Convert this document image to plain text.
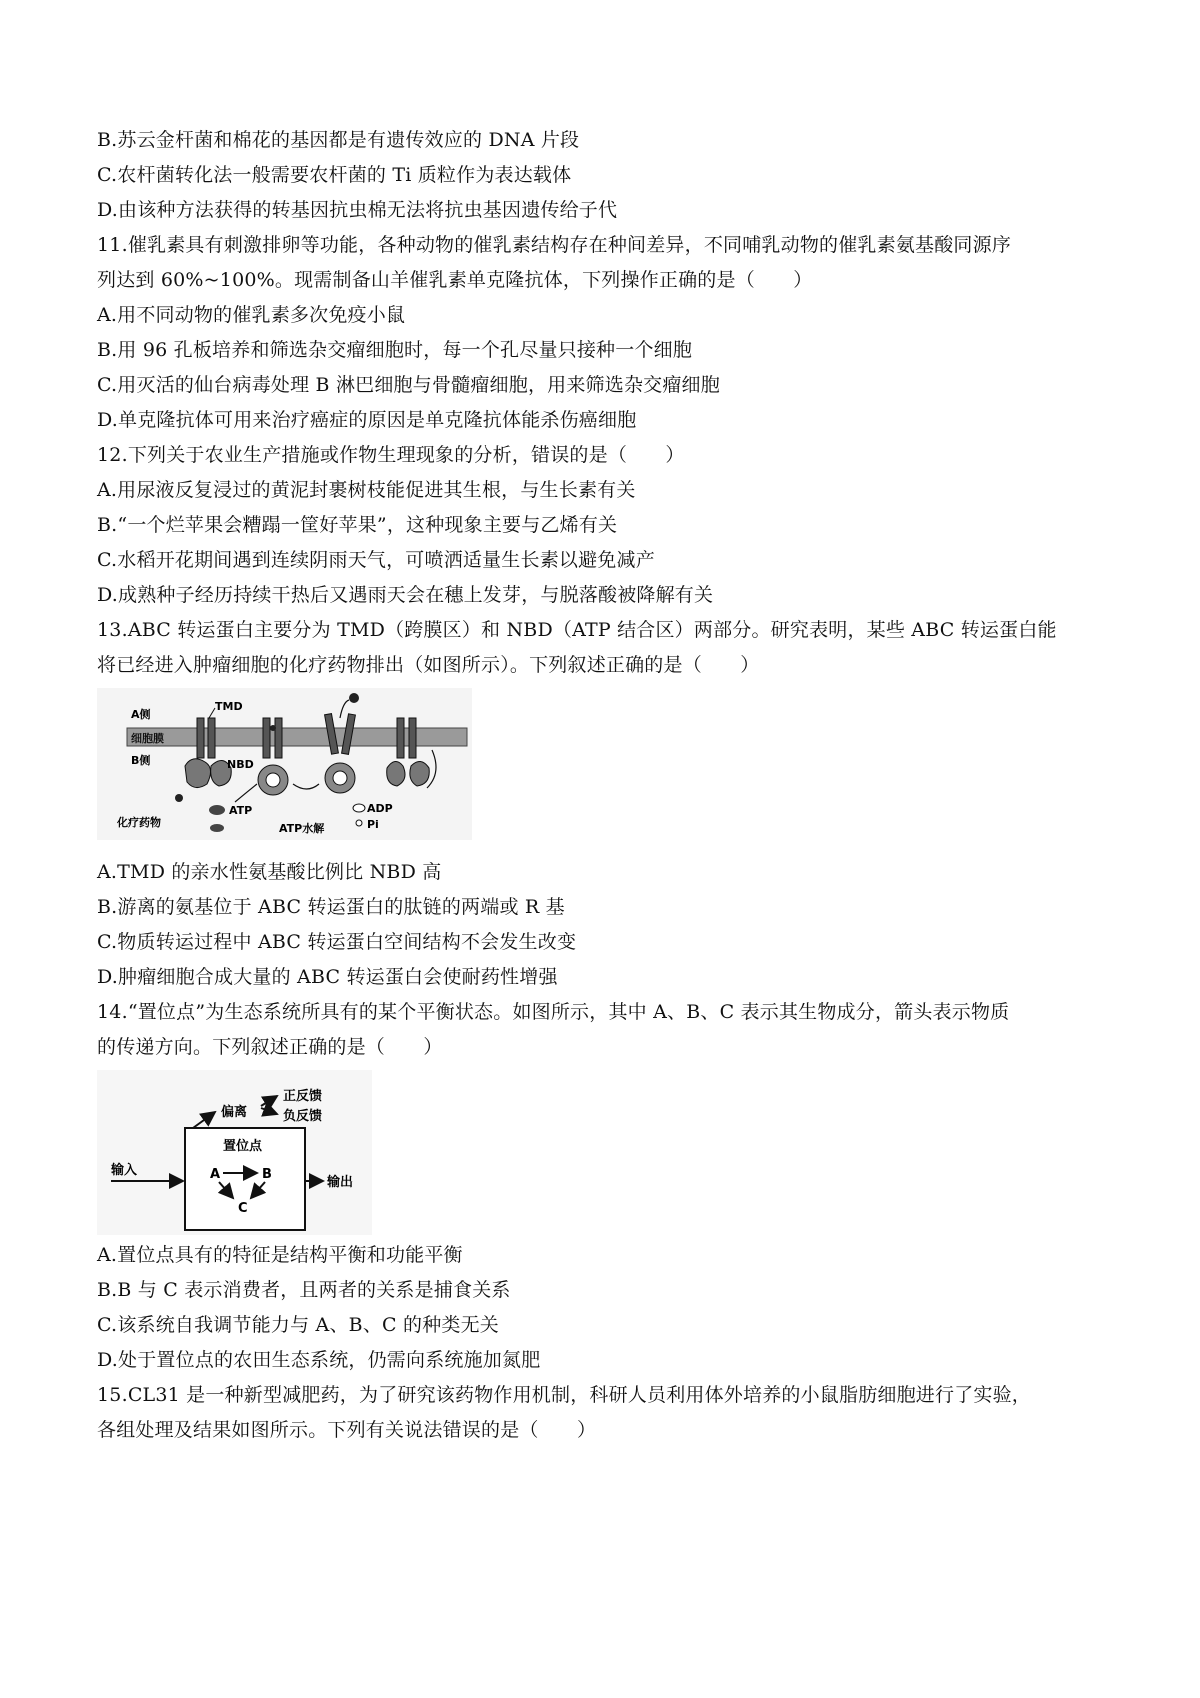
B.苏云金杆菌和棉花的基因都是有遗传效应的 DNA 片段
C.农杆菌转化法一般需要农杆菌的 Ti 质粒作为表达载体
D.由该种方法获得的转基因抗虫棉无法将抗虫基因遗传给子代
11.催乳素具有刺激排卵等功能，各种动物的催乳素结构存在种间差异，不同哺乳动物的催乳素氨基酸同源序
列达到 60%~100%。现需制备山羊催乳素单克隆抗体，下列操作正确的是（　　）
A.用不同动物的催乳素多次免疫小鼠
B.用 96 孔板培养和筛选杂交瘤细胞时，每一个孔尽量只接种一个细胞
C.用灭活的仙台病毒处理 B 淋巴细胞与骨髓瘤细胞，用来筛选杂交瘤细胞
D.单克隆抗体可用来治疗癌症的原因是单克隆抗体能杀伤癌细胞
12.下列关于农业生产措施或作物生理现象的分析，错误的是（　　）
A.用尿液反复浸过的黄泥封裹树枝能促进其生根，与生长素有关
B.“一个烂苹果会糟蹋一筐好苹果”，这种现象主要与乙烯有关
C.水稻开花期间遇到连续阴雨天气，可喷洒适量生长素以避免减产
D.成熟种子经历持续干热后又遇雨天会在穗上发芽，与脱落酸被降解有关
13.ABC 转运蛋白主要分为 TMD（跨膜区）和 NBD（ATP 结合区）两部分。研究表明，某些 ABC 转运蛋白能
将已经进入肿瘤细胞的化疗药物排出（如图所示）。下列叙述正确的是（　　）
A侧
细胞膜
B侧
TMD
NBD
化疗药物
ATP
ATP水解
ADP
Pi
A.TMD 的亲水性氨基酸比例比 NBD 高
B.游离的氨基位于 ABC 转运蛋白的肽链的两端或 R 基
C.物质转运过程中 ABC 转运蛋白空间结构不会发生改变
D.肿瘤细胞合成大量的 ABC 转运蛋白会使耐药性增强
14.“置位点”为生态系统所具有的某个平衡状态。如图所示，其中 A、B、C 表示其生物成分，箭头表示物质
的传递方向。下列叙述正确的是（　　）
置位点
A	B
C
输入
输出
偏离
正反馈
负反馈
A.置位点具有的特征是结构平衡和功能平衡
B.B 与 C 表示消费者，且两者的关系是捕食关系
C.该系统自我调节能力与 A、B、C 的种类无关
D.处于置位点的农田生态系统，仍需向系统施加氮肥
15.CL31 是一种新型减肥药，为了研究该药物作用机制，科研人员利用体外培养的小鼠脂肪细胞进行了实验，
各组处理及结果如图所示。下列有关说法错误的是（　　）
